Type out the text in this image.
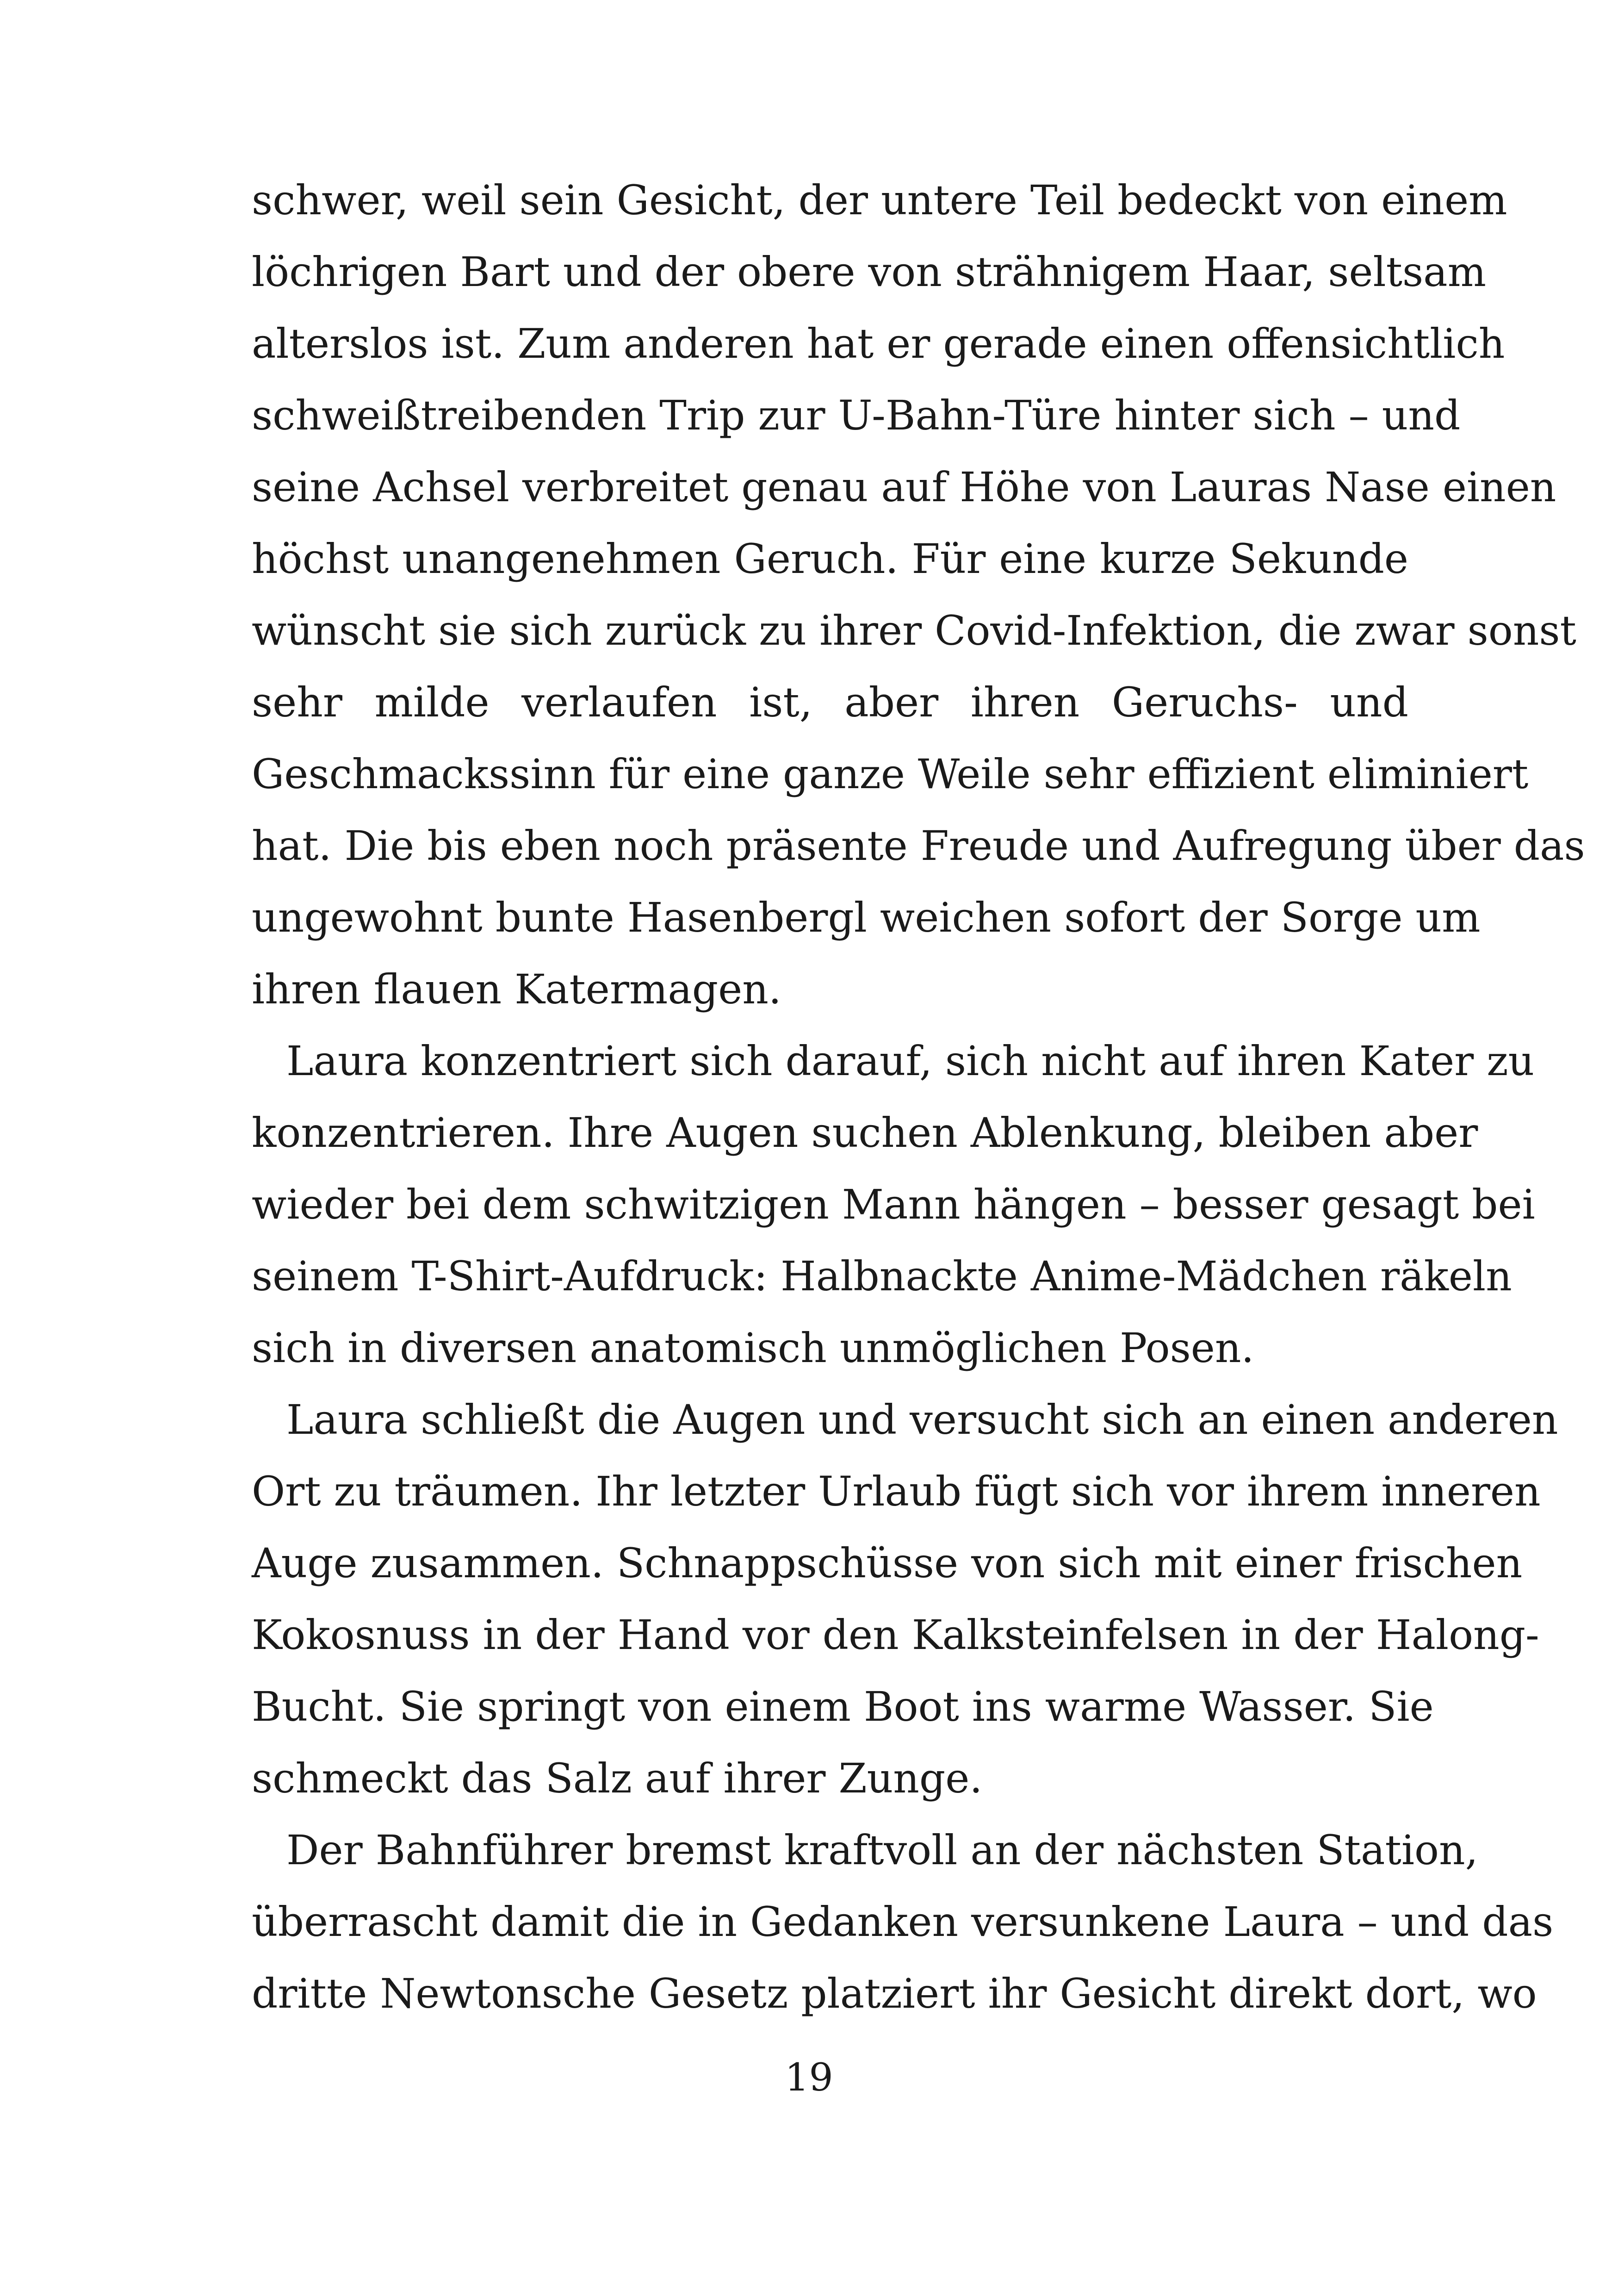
schwer, weil sein Gesicht, der untere Teil bedeckt von einem
löchrigen Bart und der obere von strähnigem Haar, seltsam
alterslos ist. Zum anderen hat er gerade einen offensichtlich
schweißtreibenden Trip zur U-Bahn-Türe hinter sich – und
seine Achsel verbreitet genau auf Höhe von Lauras Nase einen
höchst unangenehmen Geruch. Für eine kurze Sekunde
wünscht sie sich zurück zu ihrer Covid-Infektion, die zwar sonst
sehr milde verlaufen ist, aber ihren Geruchs- und
Geschmackssinn für eine ganze Weile sehr effizient eliminiert
hat. Die bis eben noch präsente Freude und Aufregung über das
ungewohnt bunte Hasenbergl weichen sofort der Sorge um
ihren flauen Katermagen.
Laura konzentriert sich darauf, sich nicht auf ihren Kater zu
konzentrieren. Ihre Augen suchen Ablenkung, bleiben aber
wieder bei dem schwitzigen Mann hängen – besser gesagt bei
seinem T-Shirt-Aufdruck: Halbnackte Anime-Mädchen räkeln
sich in diversen anatomisch unmöglichen Posen.
Laura schließt die Augen und versucht sich an einen anderen
Ort zu träumen. Ihr letzter Urlaub fügt sich vor ihrem inneren
Auge zusammen. Schnappschüsse von sich mit einer frischen
Kokosnuss in der Hand vor den Kalksteinfelsen in der Halong-
Bucht. Sie springt von einem Boot ins warme Wasser. Sie
schmeckt das Salz auf ihrer Zunge.
Der Bahnführer bremst kraftvoll an der nächsten Station,
überrascht damit die in Gedanken versunkene Laura – und das
dritte Newtonsche Gesetz platziert ihr Gesicht direkt dort, wo
19
